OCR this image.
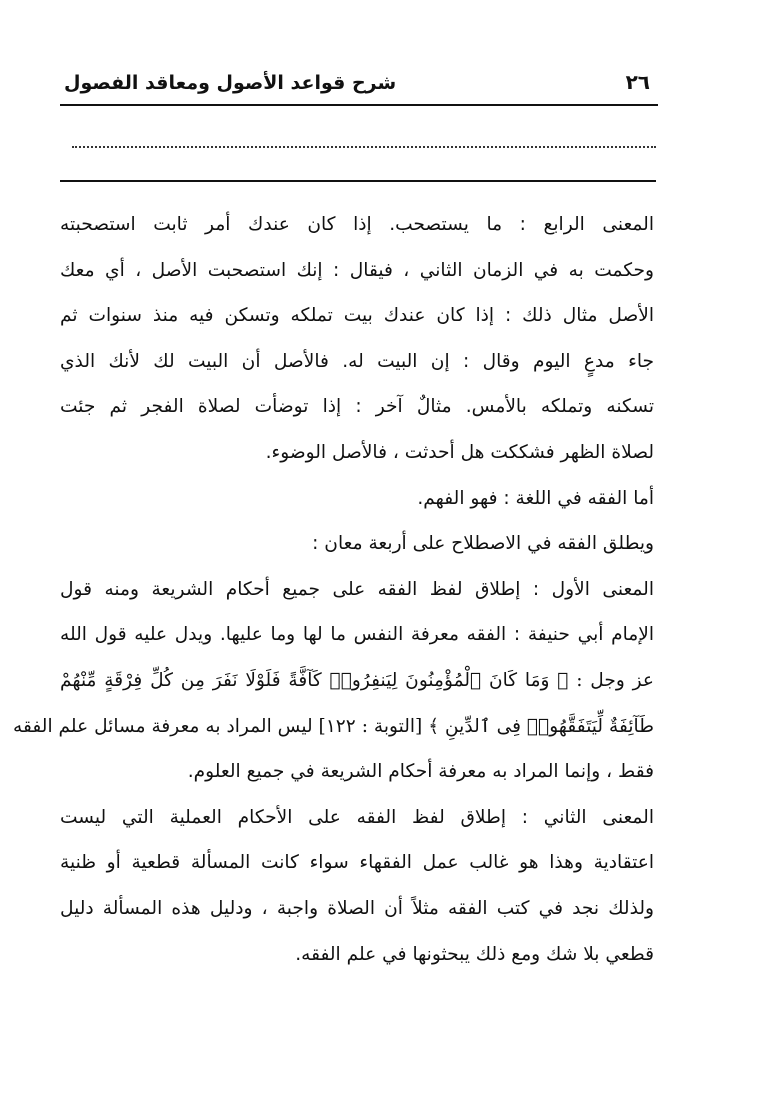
٢٦
شرح قواعد الأصول ومعاقد الفصول
المعنى الرابع : ما يستصحب. إذا كان عندك أمر ثابت استصحبته
وحكمت به في الزمان الثاني ، فيقال : إنك استصحبت الأصل ، أي معك
الأصل مثال ذلك : إذا كان عندك بيت تملكه وتسكن فيه منذ سنوات ثم
جاء مدعٍ اليوم وقال : إن البيت له. فالأصل أن البيت لك لأنك الذي
تسكنه وتملكه بالأمس. مثالٌ آخر : إذا توضأت لصلاة الفجر ثم جئت
لصلاة الظهر فشككت هل أحدثت ، فالأصل الوضوء.
أما الفقه في اللغة : فهو الفهم.
ويطلق الفقه في الاصطلاح على أربعة معان :
المعنى الأول : إطلاق لفظ الفقه على جميع أحكام الشريعة ومنه قول
الإمام أبي حنيفة : الفقه معرفة النفس ما لها وما عليها. ويدل عليه قول الله
عز وجل : ﴿ وَمَا كَانَ ٱلْمُؤْمِنُونَ لِيَنفِرُوا۟ كَآفَّةً فَلَوْلَا نَفَرَ مِن كُلِّ فِرْقَةٍ مِّنْهُمْ
طَآئِفَةٌ لِّيَتَفَقَّهُوا۟ فِى ٱلدِّينِ ﴾ [التوبة : ١٢٢] ليس المراد به معرفة مسائل علم الفقه
فقط ، وإنما المراد به معرفة أحكام الشريعة في جميع العلوم.
المعنى الثاني : إطلاق لفظ الفقه على الأحكام العملية التي ليست
اعتقادية وهذا هو غالب عمل الفقهاء سواء كانت المسألة قطعية أو ظنية
ولذلك نجد في كتب الفقه مثلاً أن الصلاة واجبة ، ودليل هذه المسألة دليل
قطعي بلا شك ومع ذلك يبحثونها في علم الفقه.
